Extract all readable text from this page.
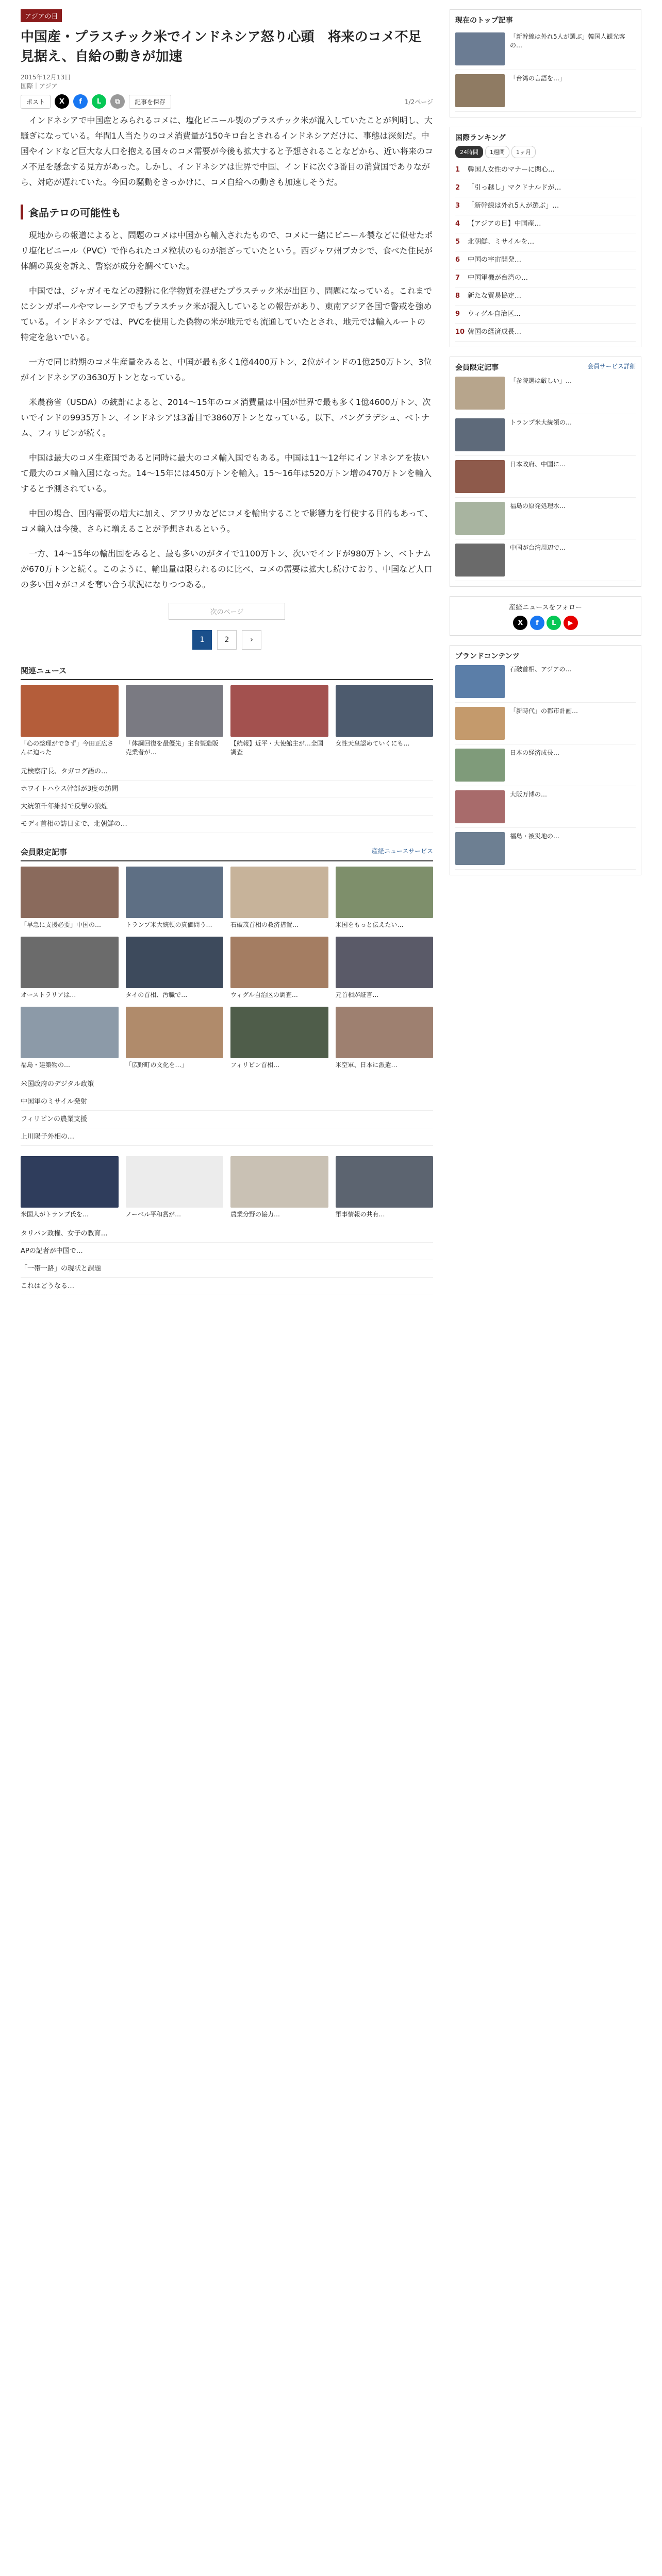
アジアの目
中国産・プラスチック米でインドネシア怒り心頭　将来のコメ不足見据え、自給の動きが加速
2015年12月13日
国際｜アジア
ポスト	X	f	L	⧉	記事を保存	1/2ページ

インドネシアで中国産とみられるコメに、塩化ビニール製のプラスチック米が混入していたことが判明し、大騒ぎになっている。年間1人当たりのコメ消費量が150キロ台とされるインドネシアだけに、事態は深刻だ。中国やインドなど巨大な人口を抱える国々のコメ需要が今後も拡大すると予想されることなどから、近い将来のコメ不足を懸念する見方があった。しかし、インドネシアは世界で中国、インドに次ぐ3番目の消費国でありながら、対応が遅れていた。今回の騒動をきっかけに、コメ自給への動きも加速しそうだ。

食品テロの可能性も

現地からの報道によると、問題のコメは中国から輸入されたもので、コメに一緒にビニール製などに似せたポリ塩化ビニール（PVC）で作られたコメ粒状のものが混ざっていたという。西ジャワ州ブカシで、食べた住民が体調の異変を訴え、警察が成分を調べていた。

中国では、ジャガイモなどの澱粉に化学物質を混ぜたプラスチック米が出回り、問題になっている。これまでにシンガポールやマレーシアでもプラスチック米が混入しているとの報告があり、東南アジア各国で警戒を強めている。インドネシアでは、PVCを使用した偽物の米が地元でも流通していたとされ、地元では輸入ルートの特定を急いでいる。

一方で同じ時期のコメ生産量をみると、中国が最も多く1億4400万トン、2位がインドの1億250万トン、3位がインドネシアの3630万トンとなっている。

米農務省（USDA）の統計によると、2014～15年のコメ消費量は中国が世界で最も多く1億4600万トン、次いでインドの9935万トン、インドネシアは3番目で3860万トンとなっている。以下、バングラデシュ、ベトナム、フィリピンが続く。

中国は最大のコメ生産国であると同時に最大のコメ輸入国でもある。中国は11～12年にインドネシアを抜いて最大のコメ輸入国になった。14～15年には450万トンを輸入。15～16年は520万トン増の470万トンを輸入すると予測されている。

中国の場合、国内需要の増大に加え、アフリカなどにコメを輸出することで影響力を行使する目的もあって、コメ輸入は今後、さらに増えることが予想されるという。

一方、14～15年の輸出国をみると、最も多いのがタイで1100万トン、次いでインドが980万トン、ベトナムが670万トンと続く。このように、輸出量は限られるのに比べ、コメの需要は拡大し続けており、中国など人口の多い国々がコメを奪い合う状況になりつつある。

次のページ
1	2	›
関連ニュース
「心の整理ができず」今田正広さんに迫った
「体調回復を最優先」主食製造販売業者が…
【続報】近平・大使館主が…全国調査
女性天皇認めていくにも…
元検察庁長、タガログ語の…
ホワイトハウス幹部が3度の訪問
大統領千年維持で反撃の狼煙
モディ首相の訪日まで、北朝鮮の…
会員限定記事	産経ニュースサービス
「早急に支援必要」中国の…	トランプ米大統領の真価問う…	石破茂首相の救済措置…	米国をもっと伝えたい…
オーストラリアは…	タイの首相、汚職で…	ウィグル自治区の調査…	元首相が証言…
福島・建築物の…	「広野町の文化を…」	フィリピン首相…	米空軍、日本に派遣…
米国政府のデジタル政策
中国軍のミサイル発射
フィリピンの農業支援
上川陽子外相の…
米国人がトランプ氏を…	ノーベル平和賞が…	農業分野の協力…	軍事情報の共有…
タリバン政権、女子の教育…
APの記者が中国で…
「一帯一路」の現状と課題
これはどうなる…
現在のトップ記事
「新幹線は外れ5人が選ぶ」韓国人観光客の…
「台湾の言語を…」
国際ランキング
24時間	1週間	1ヶ月
1	韓国人女性のマナーに関心…
2	「引っ越し」マクドナルドが…
3	「新幹線は外れ5人が選ぶ」…
4	【アジアの目】中国産…
5	北朝鮮、ミサイルを…
6	中国の宇宙開発…
7	中国軍機が台湾の…
8	新たな貿易協定…
9	ウィグル自治区…
10 韓国の経済成長…
会員限定記事	会員サービス詳細
「参院選は厳しい」…
トランプ米大統領の…
日本政府、中国に…
福島の原発処理水…
中国が台湾周辺で…
産経ニュースをフォロー
X f L ▶
ブランドコンテンツ
石破首相、アジアの…
「新時代」の都市計画…
日本の経済成長…
大阪万博の…
福島・被災地の…
